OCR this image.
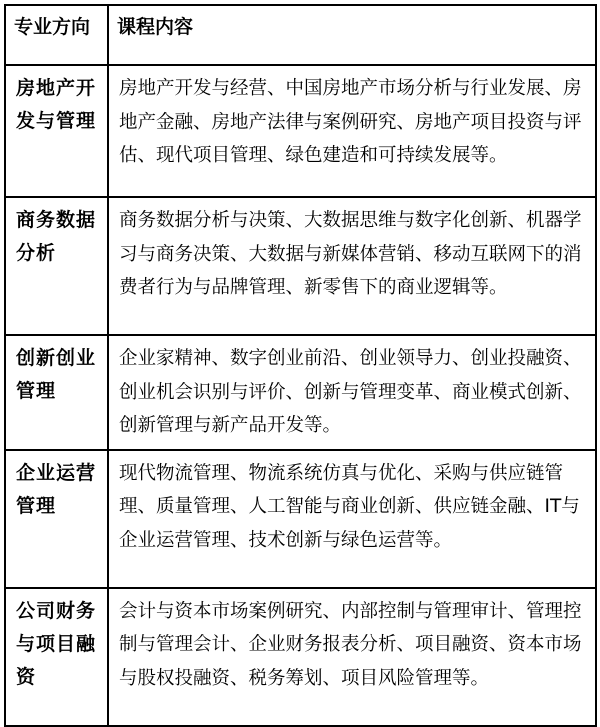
专业方向	课程内容
房地产开发与管理	房地产开发与经营、中国房地产市场分析与行业发展、房地产金融、房地产法律与案例研究、房地产项目投资与评估、现代项目管理、绿色建造和可持续发展等。
商务数据分析	商务数据分析与决策、大数据思维与数字化创新、机器学习与商务决策、大数据与新媒体营销、移动互联网下的消费者行为与品牌管理、新零售下的商业逻辑等。
创新创业管理	企业家精神、数字创业前沿、创业领导力、创业投融资、创业机会识别与评价、创新与管理变革、商业模式创新、创新管理与新产品开发等。
企业运营管理	现代物流管理、物流系统仿真与优化、采购与供应链管理、质量管理、人工智能与商业创新、供应链金融、IT与企业运营管理、技术创新与绿色运营等。
公司财务与项目融资	会计与资本市场案例研究、内部控制与管理审计、管理控制与管理会计、企业财务报表分析、项目融资、资本市场与股权投融资、税务筹划、项目风险管理等。
